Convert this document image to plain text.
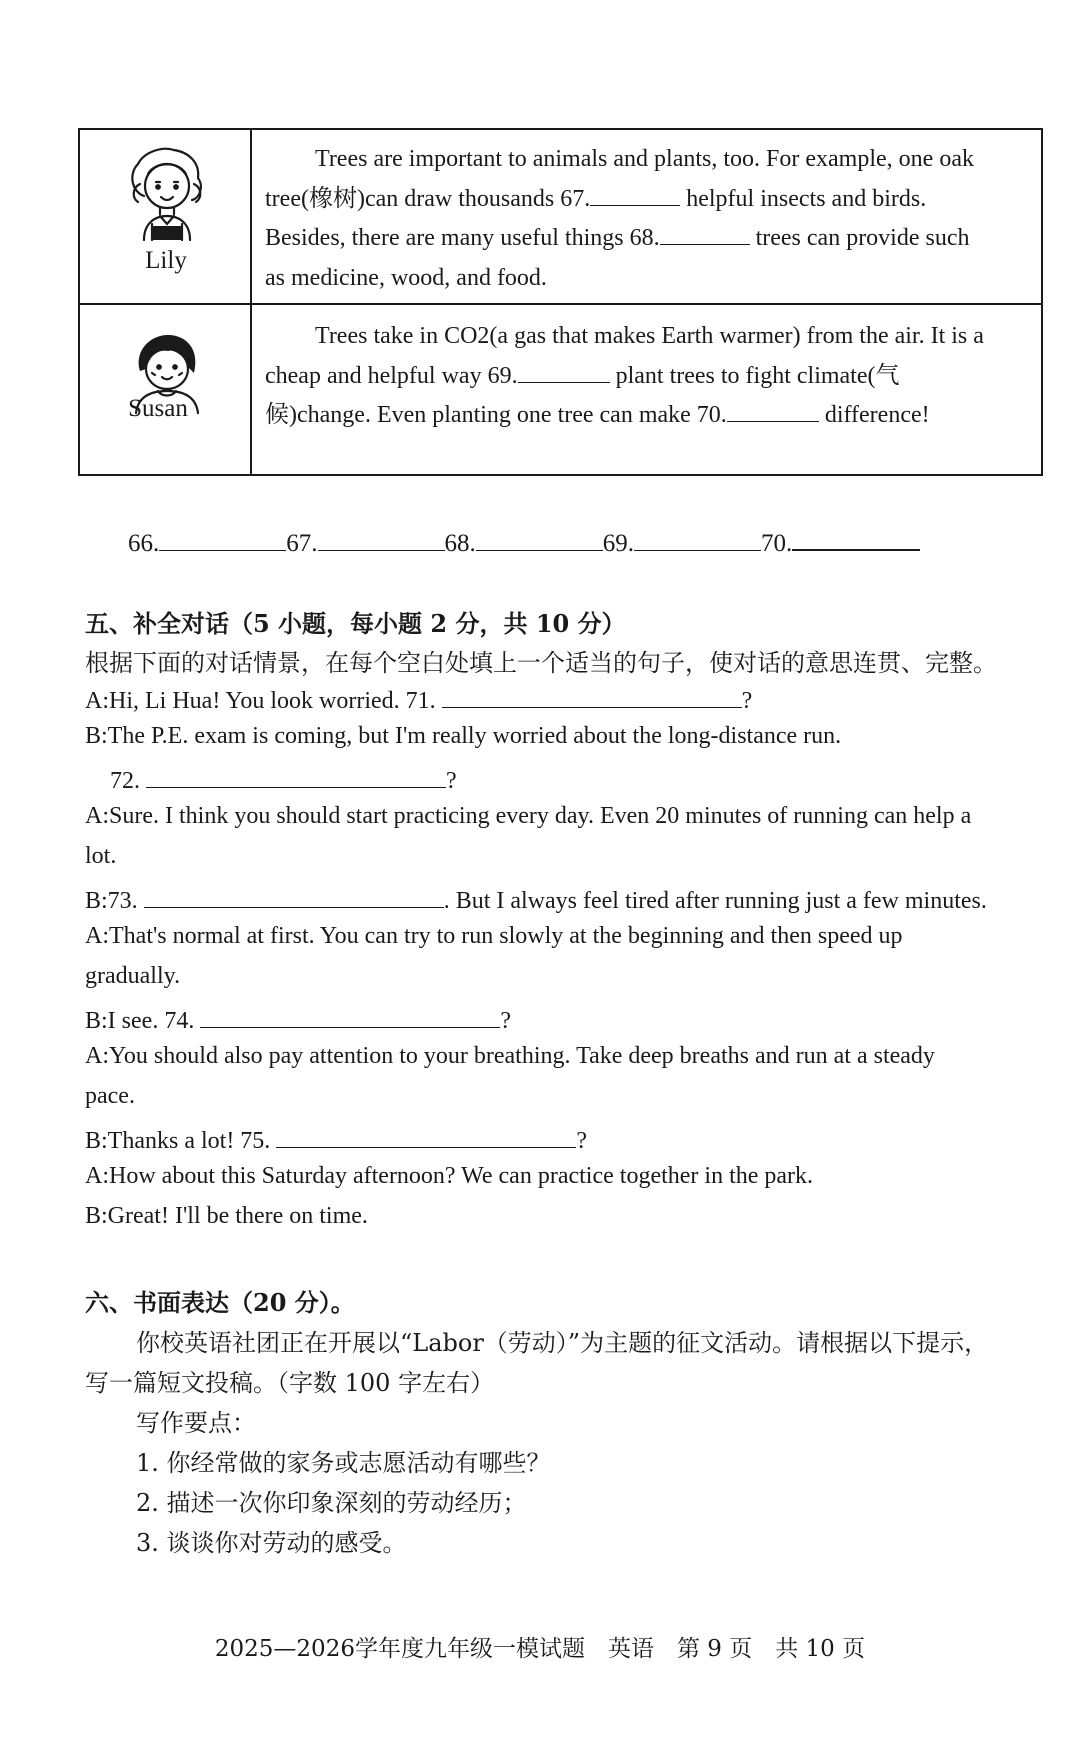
Lily
Trees are important to animals and plants, too. For example, one oak
tree(橡树)can draw thousands 67.	helpful insects and birds.
Besides, there are many useful things 68.	trees can provide such
as medicine, wood, and food.
Susan
Trees take in CO2(a gas that makes Earth warmer) from the air. It is a
cheap and helpful way 69.	plant trees to fight climate(气
候)change. Even planting one tree can make 70.	difference!
66.	67.	68.	69.	70.
五、补全对话（5 小题，每小题 2 分，共 10 分）
根据下面的对话情景，在每个空白处填上一个适当的句子，使对话的意思连贯、完整。
A:Hi, Li Hua! You look worried. 71.	?
B:The P.E. exam is coming, but I'm really worried about the long-distance run.
72.	?
A:Sure. I think you should start practicing every day. Even 20 minutes of running can help a
lot.
B:73.	. But I always feel tired after running just a few minutes.
A:That's normal at first. You can try to run slowly at the beginning and then speed up
gradually.
B:I see. 74.	?
A:You should also pay attention to your breathing. Take deep breaths and run at a steady
pace.
B:Thanks a lot! 75.	?
A:How about this Saturday afternoon? We can practice together in the park.
B:Great! I'll be there on time.
六、书面表达（20 分）。
你校英语社团正在开展以“Labor（劳动）”为主题的征文活动。请根据以下提示，
写一篇短文投稿。（字数 100 字左右）
写作要点：
1. 你经常做的家务或志愿活动有哪些？
2. 描述一次你印象深刻的劳动经历；
3. 谈谈你对劳动的感受。
2025—2026学年度九年级一模试题　英语　第 9 页　共 10 页
